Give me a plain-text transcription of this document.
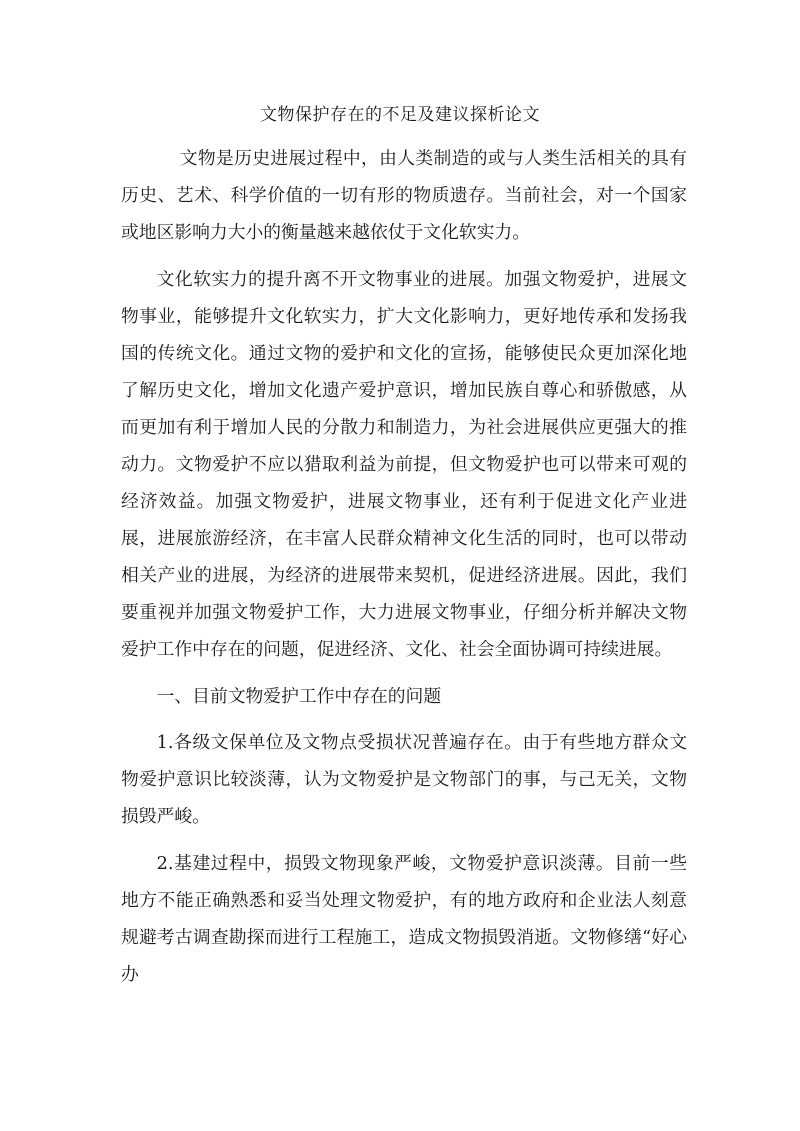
文物保护存在的不足及建议探析论文

文物是历史进展过程中，由人类制造的或与人类生活相关的具有历史、艺术、科学价值的一切有形的物质遗存。当前社会，对一个国家或地区影响力大小的衡量越来越依仗于文化软实力。

文化软实力的提升离不开文物事业的进展。加强文物爱护，进展文物事业，能够提升文化软实力，扩大文化影响力，更好地传承和发扬我国的传统文化。通过文物的爱护和文化的宣扬，能够使民众更加深化地了解历史文化，增加文化遗产爱护意识，增加民族自尊心和骄傲感，从而更加有利于增加人民的分散力和制造力，为社会进展供应更强大的推动力。文物爱护不应以猎取利益为前提，但文物爱护也可以带来可观的经济效益。加强文物爱护，进展文物事业，还有利于促进文化产业进展，进展旅游经济，在丰富人民群众精神文化生活的同时，也可以带动相关产业的进展，为经济的进展带来契机，促进经济进展。因此，我们要重视并加强文物爱护工作，大力进展文物事业，仔细分析并解决文物爱护工作中存在的问题，促进经济、文化、社会全面协调可持续进展。

一、目前文物爱护工作中存在的问题

1.各级文保单位及文物点受损状况普遍存在。由于有些地方群众文物爱护意识比较淡薄，认为文物爱护是文物部门的事，与己无关，文物损毁严峻。

2.基建过程中，损毁文物现象严峻，文物爱护意识淡薄。目前一些地方不能正确熟悉和妥当处理文物爱护，有的地方政府和企业法人刻意规避考古调查勘探而进行工程施工，造成文物损毁消逝。文物修缮“好心办
